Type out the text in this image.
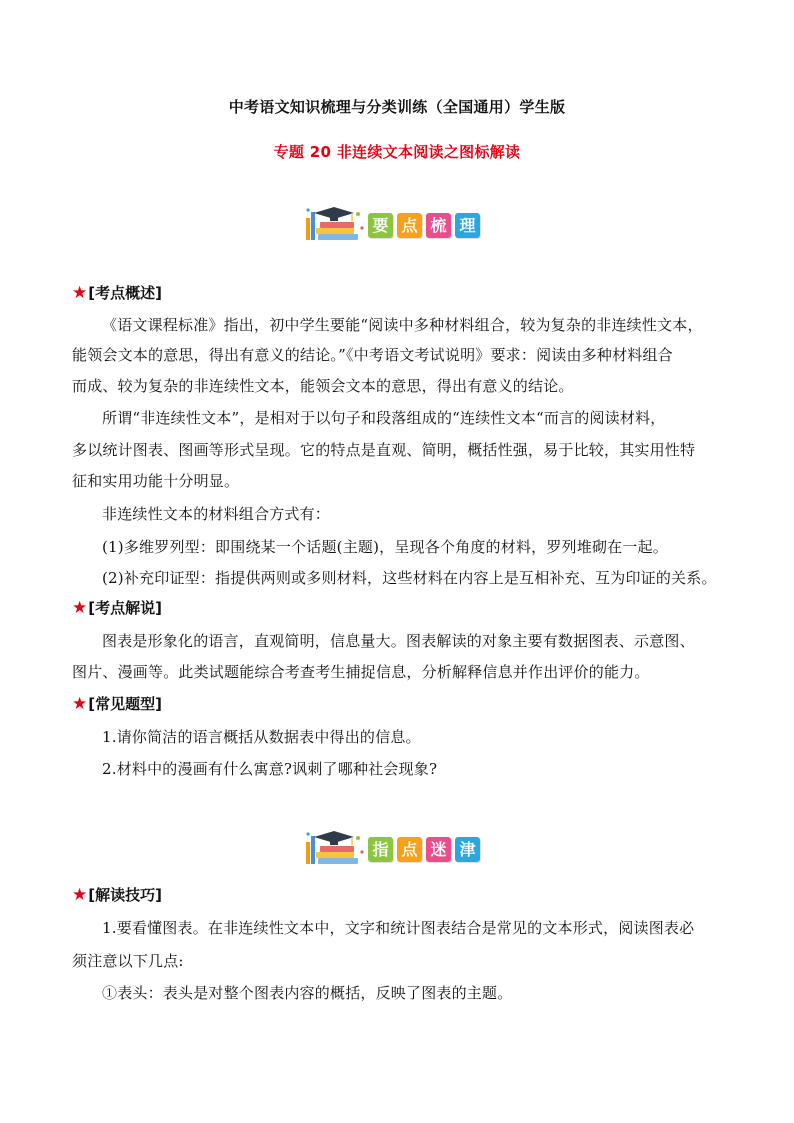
中考语文知识梳理与分类训练（全国通用）学生版
专题 20 非连续文本阅读之图标解读
要 点 梳 理
★[考点概述]
《语文课程标准》指出，初中学生要能“阅读中多种材料组合，较为复杂的非连续性文本，
能领会文本的意思，得出有意义的结论。”《中考语文考试说明》要求：阅读由多种材料组合
而成、较为复杂的非连续性文本，能领会文本的意思，得出有意义的结论。
所谓“非连续性文本”，是相对于以句子和段落组成的“连续性文本“而言的阅读材料，
多以统计图表、图画等形式呈现。它的特点是直观、简明，概括性强，易于比较，其实用性特
征和实用功能十分明显。
非连续性文本的材料组合方式有：
(1)多维罗列型：即围绕某一个话题(主题)，呈现各个角度的材料，罗列堆砌在一起。
(2)补充印证型：指提供两则或多则材料，这些材料在内容上是互相补充、互为印证的关系。
★[考点解说]
图表是形象化的语言，直观简明，信息量大。图表解读的对象主要有数据图表、示意图、
图片、漫画等。此类试题能综合考查考生捕捉信息，分析解释信息并作出评价的能力。
★[常见题型]
1.请你简洁的语言概括从数据表中得出的信息。
2.材料中的漫画有什么寓意?讽刺了哪种社会现象?
指 点 迷 津
★[解读技巧]
1.要看懂图表。在非连续性文本中，文字和统计图表结合是常见的文本形式，阅读图表必
须注意以下几点:
①表头：表头是对整个图表内容的概括，反映了图表的主题。
